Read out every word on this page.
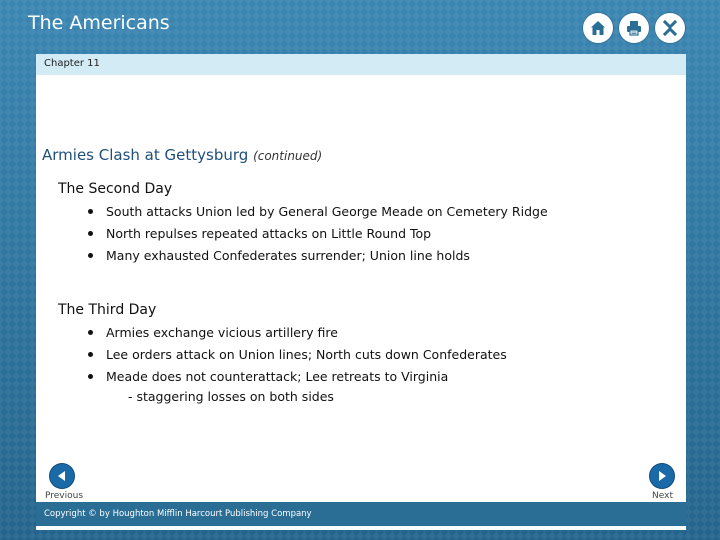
The Americans
Chapter 11
Armies Clash at Gettysburg (continued)
The Second Day
South attacks Union led by General George Meade on Cemetery Ridge
North repulses repeated attacks on Little Round Top
Many exhausted Confederates surrender; Union line holds
The Third Day
Armies exchange vicious artillery fire
Lee orders attack on Union lines; North cuts down Confederates
Meade does not counterattack; Lee retreats to Virginia
- staggering losses on both sides
Previous	Next
Copyright © by Houghton Mifflin Harcourt Publishing Company
